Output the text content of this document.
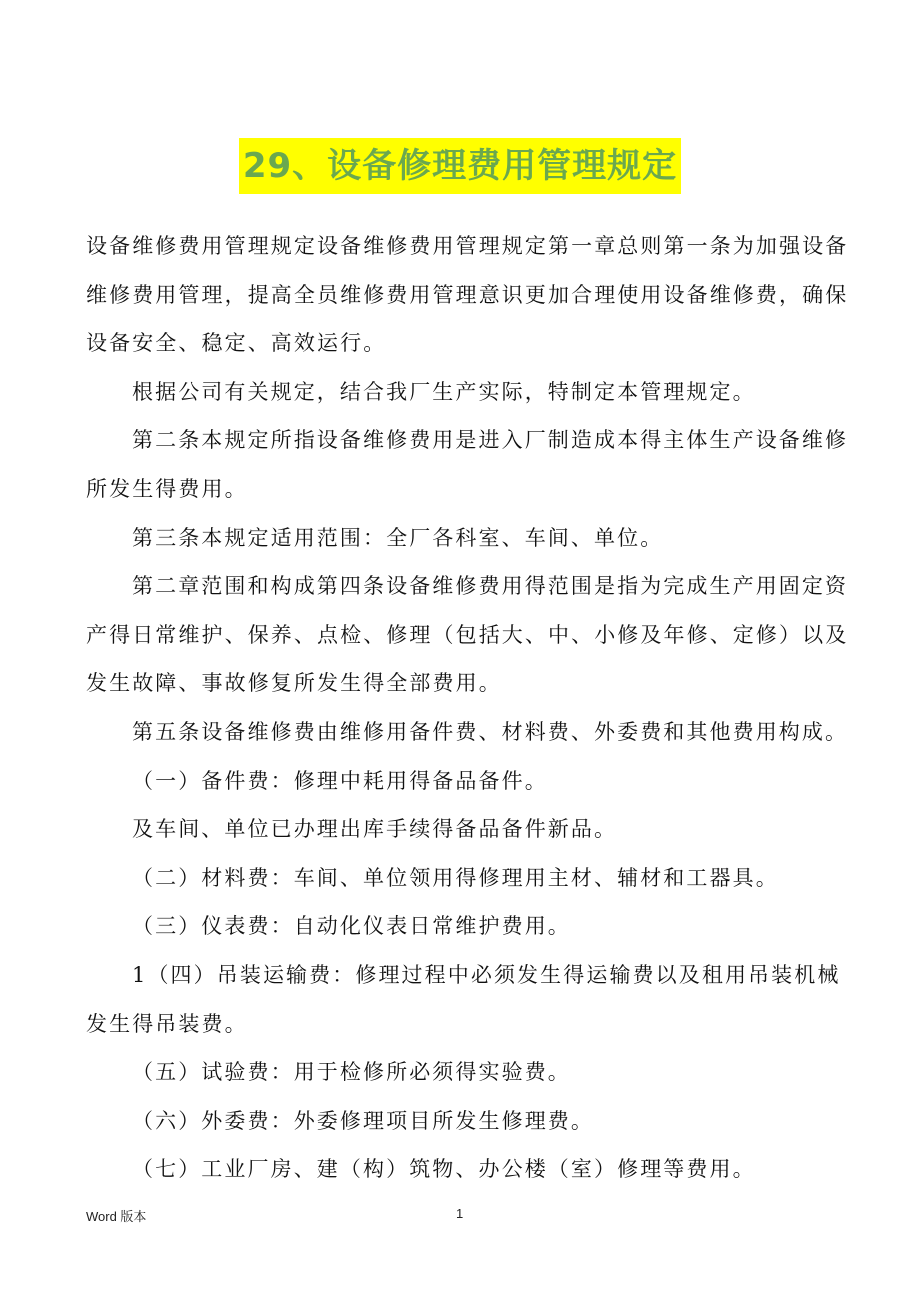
29、设备修理费用管理规定

设备维修费用管理规定设备维修费用管理规定第一章总则第一条为加强设备维修费用管理，提高全员维修费用管理意识更加合理使用设备维修费，确保设备安全、稳定、高效运行。

根据公司有关规定，结合我厂生产实际，特制定本管理规定。

第二条本规定所指设备维修费用是进入厂制造成本得主体生产设备维修所发生得费用。

第三条本规定适用范围：全厂各科室、车间、单位。

第二章范围和构成第四条设备维修费用得范围是指为完成生产用固定资产得日常维护、保养、点检、修理（包括大、中、小修及年修、定修）以及发生故障、事故修复所发生得全部费用。

第五条设备维修费由维修用备件费、材料费、外委费和其他费用构成。

（一）备件费：修理中耗用得备品备件。

及车间、单位已办理出库手续得备品备件新品。

（二）材料费：车间、单位领用得修理用主材、辅材和工器具。

（三）仪表费：自动化仪表日常维护费用。

1（四）吊装运输费：修理过程中必须发生得运输费以及租用吊装机械发生得吊装费。

（五）试验费：用于检修所必须得实验费。

（六）外委费：外委修理项目所发生修理费。

（七）工业厂房、建（构）筑物、办公楼（室）修理等费用。

Word 版本	1
